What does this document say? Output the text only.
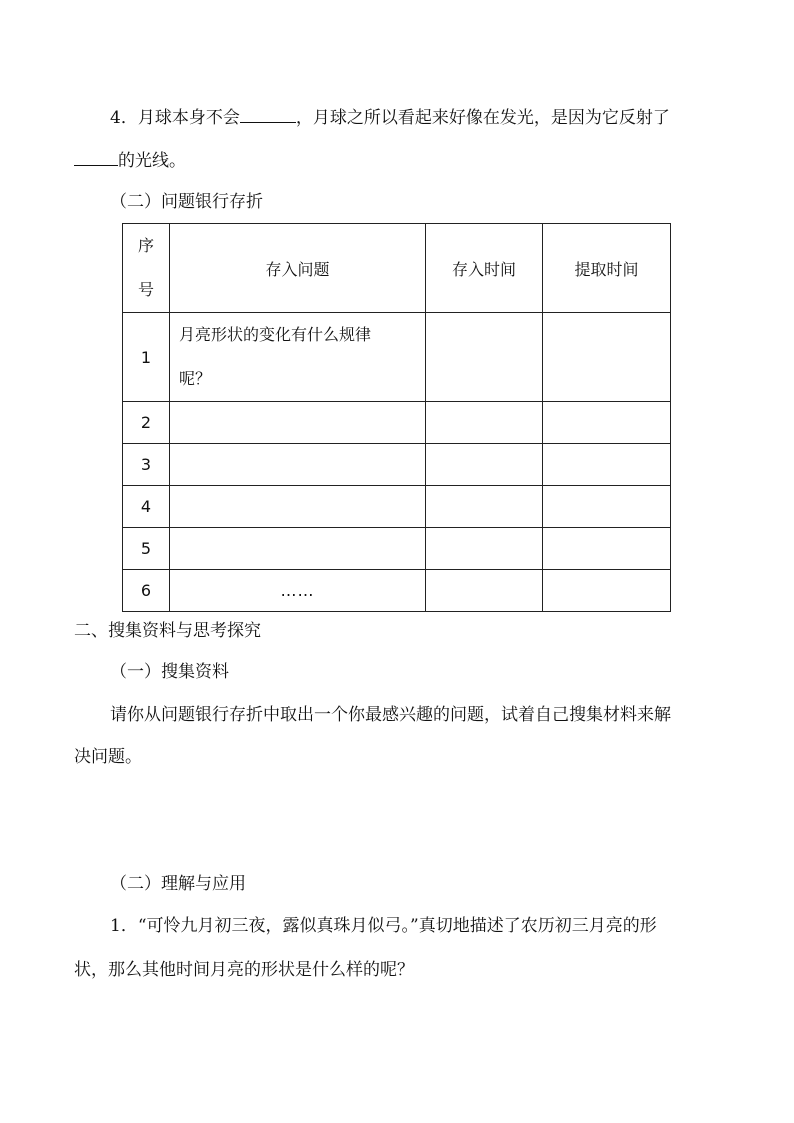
4．月球本身不会	，月球之所以看起来好像在发光，是因为它反射了
的光线。
（二）问题银行存折
序
号	存入问题	存入时间	提取时间
1	月亮形状的变化有什么规律
呢？		
2			
3			
4			
5			
6	……		
二、搜集资料与思考探究
（一）搜集资料
请你从问题银行存折中取出一个你最感兴趣的问题，试着自己搜集材料来解
决问题。
（二）理解与应用
1．“可怜九月初三夜，露似真珠月似弓。”真切地描述了农历初三月亮的形
状，那么其他时间月亮的形状是什么样的呢？
